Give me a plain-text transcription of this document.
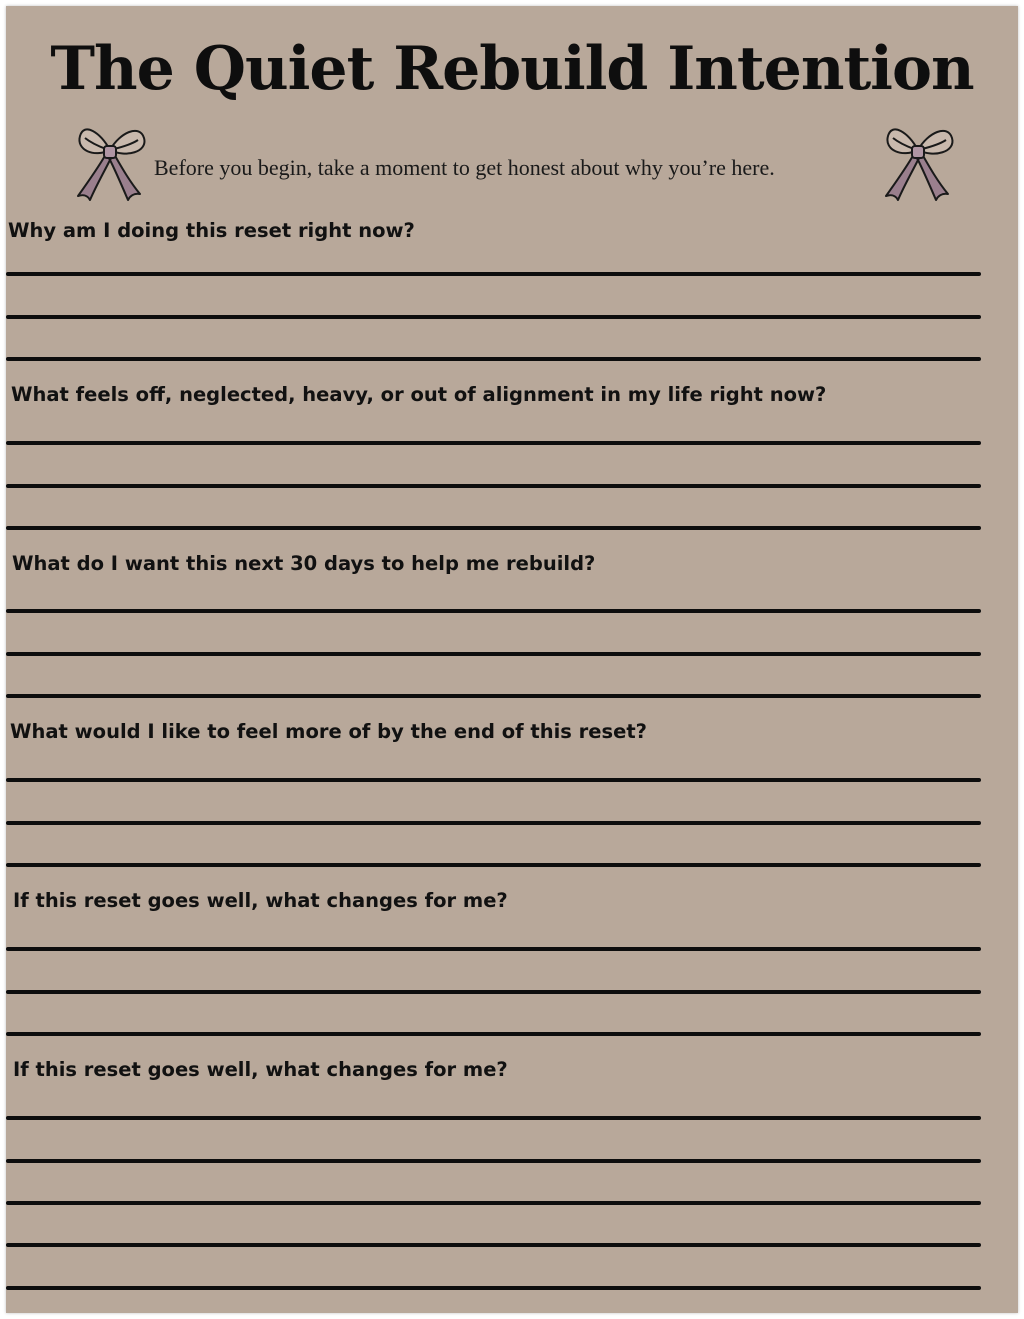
The Quiet Rebuild Intention
Before you begin, take a moment to get honest about why you’re here.
Why am I doing this reset right now?
What feels off, neglected, heavy, or out of alignment in my life right now?
What do I want this next 30 days to help me rebuild?
What would I like to feel more of by the end of this reset?
If this reset goes well, what changes for me?
If this reset goes well, what changes for me?
